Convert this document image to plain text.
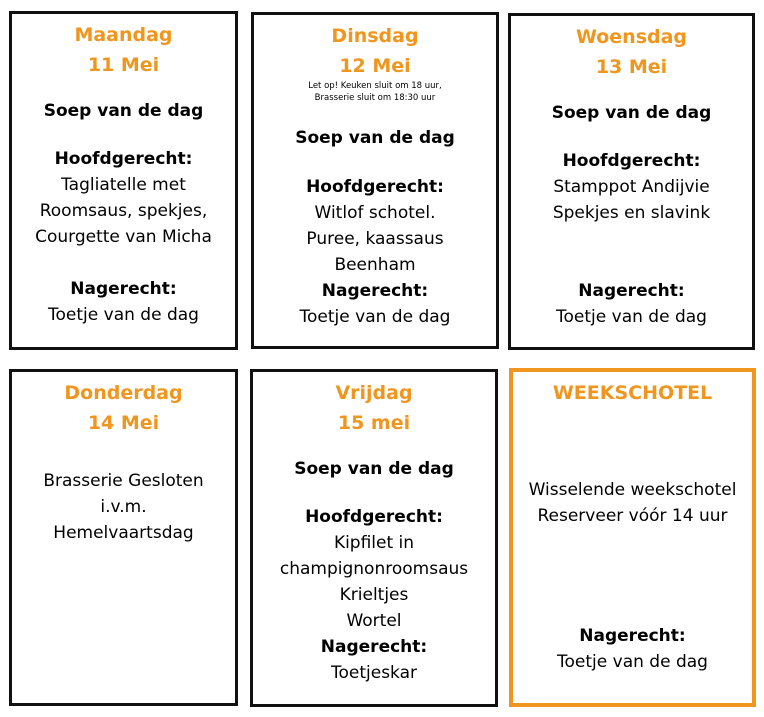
Maandag
11 Mei
Soep van de dag
Hoofdgerecht:
Tagliatelle met
Roomsaus, spekjes,
Courgette van Micha
Nagerecht:
Toetje van de dag
Dinsdag
12 Mei
Let op! Keuken sluit om 18 uur,
Brasserie sluit om 18:30 uur
Soep van de dag
Hoofdgerecht:
Witlof schotel.
Puree, kaassaus
Beenham
Nagerecht:
Toetje van de dag
Woensdag
13 Mei
Soep van de dag
Hoofdgerecht:
Stamppot Andijvie
Spekjes en slavink
Nagerecht:
Toetje van de dag
Donderdag
14 Mei
Brasserie Gesloten
i.v.m.
Hemelvaartsdag
Vrijdag
15 mei
Soep van de dag
Hoofdgerecht:
Kipfilet in
champignonroomsaus
Krieltjes
Wortel
Nagerecht:
Toetjeskar
WEEKSCHOTEL
Wisselende weekschotel
Reserveer vóór 14 uur
Nagerecht:
Toetje van de dag
